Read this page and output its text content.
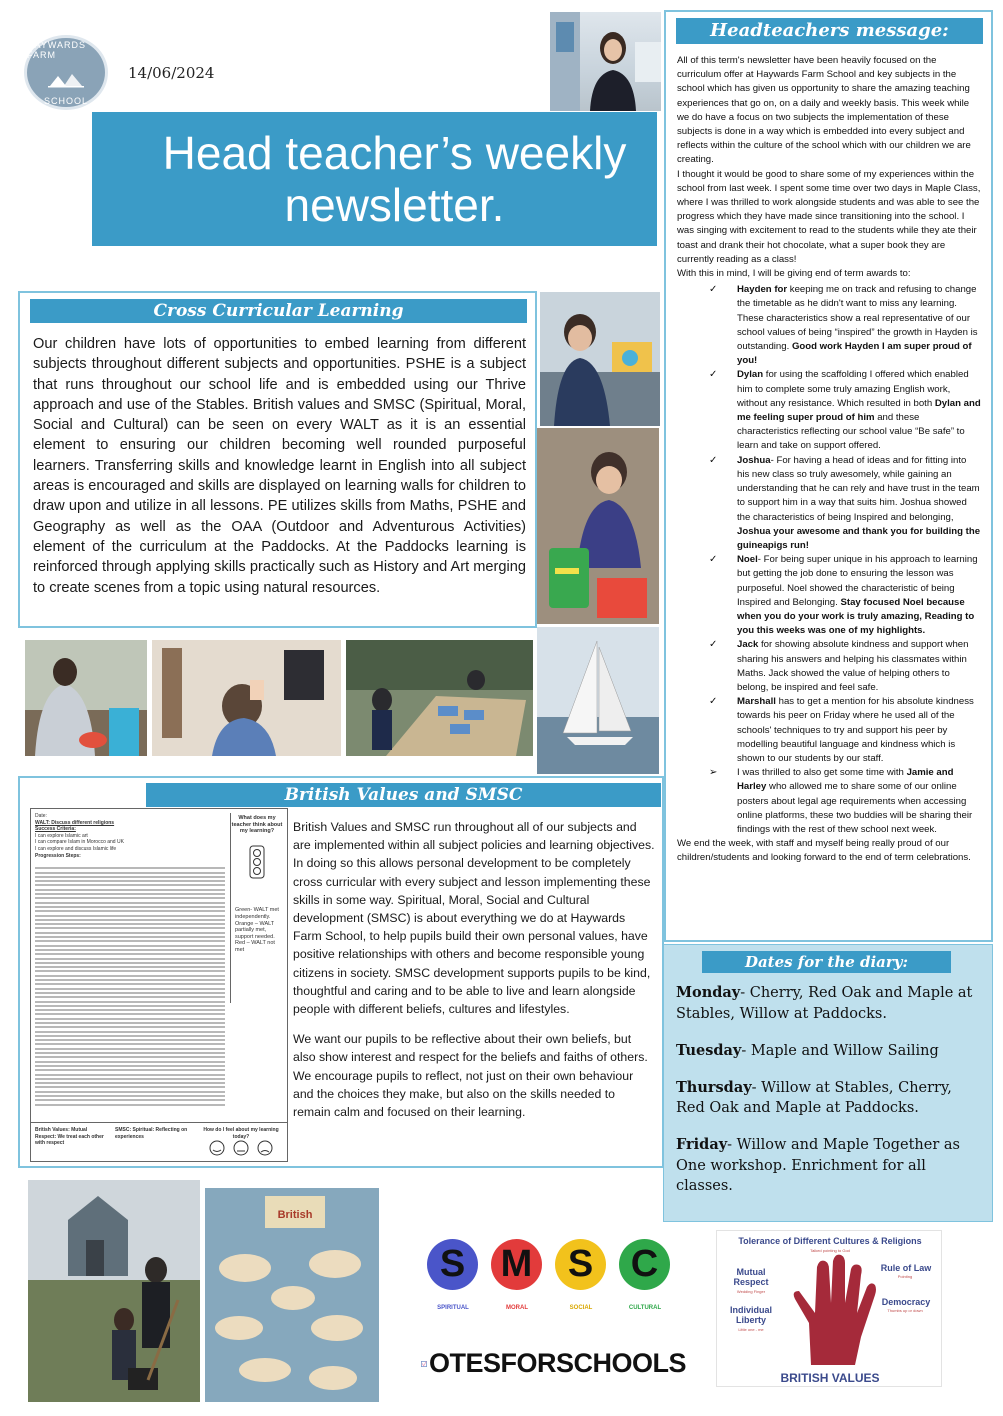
HAYWARDS FARM
SCHOOL
14/06/2024
Head teacher’s weekly newsletter.
Cross Curricular Learning
Our children have lots of opportunities to embed learning from different subjects throughout different subjects and opportunities. PSHE is a subject that runs throughout our school life and is embedded using our Thrive approach and use of the Stables. British values and SMSC (Spiritual, Moral, Social and Cultural) can be seen on every WALT as it is an essential element to ensuring our children becoming well rounded purposeful learners. Transferring skills and knowledge learnt in English into all subject areas is encouraged and skills are displayed on learning walls for children to draw upon and utilize in all lessons. PE utilizes skills from Maths, PSHE and Geography as well as the OAA (Outdoor and Adventurous Activities) element of the curriculum at the Paddocks. At the Paddocks learning is reinforced through applying skills practically such as History and Art merging to create scenes from a topic using natural resources.
British Values and SMSC
Date:
WALT: Discuss different religions
Success Criteria:
I can explore Islamic art
I can compare Islam in Morocco and UK
I can explore and discuss Islamic life
Progression Steps:
What does my teacher think about my learning?
Green- WALT met independently. Orange – WALT partially met, support needed. Red – WALT not met
British Values: Mutual Respect: We treat each other with respect
SMSC: Spiritual: Reflecting on experiences
How do I feel about my learning today?

British Values and SMSC run throughout all of our subjects and are implemented within all subject policies and learning objectives. In doing so this allows personal development to be completely cross curricular with every subject and lesson implementing these skills in some way. Spiritual, Moral, Social and Cultural development (SMSC) is about everything we do at Haywards Farm School, to help pupils build their own personal values, have positive relationships with others and become responsible young citizens in society. SMSC development supports pupils to be kind, thoughtful and caring and to be able to live and learn alongside people with different beliefs, cultures and lifestyles.

We want our pupils to be reflective about their own beliefs, but also show interest and respect for the beliefs and faiths of others. We encourage pupils to reflect, not just on their own behaviour and the choices they make, but also on the skills needed to remain calm and focused on their learning.

British
Headteachers message:

All of this term's newsletter have been heavily focused on the curriculum offer at Haywards Farm School and key subjects in the school which has given us opportunity to share the amazing teaching experiences that go on, on a daily and weekly basis. This week while we do have a focus on two subjects the implementation of these subjects is done in a way which is embedded into every subject and reflects within the culture of the school which with our children we are creating.

I thought it would be good to share some of my experiences within the school from last week. I spent some time over two days in Maple Class, where I was thrilled to work alongside students and was able to see the progress which they have made since transitioning into the school. I was singing with excitement to read to the students while they ate their toast and drank their hot chocolate, what a super book they are currently reading as a class!

With this in mind, I will be giving end of term awards to:

✓ Hayden for keeping me on track and refusing to change the timetable as he didn't want to miss any learning. These characteristics show a real representative of our school values of being “inspired” the growth in Hayden is outstanding. Good work Hayden I am super proud of you!
✓ Dylan for using the scaffolding I offered which enabled him to complete some truly amazing English work, without any resistance. Which resulted in both Dylan and me feeling super proud of him and these characteristics reflecting our school value “Be safe” to learn and take on support offered.
✓ Joshua- For having a head of ideas and for fitting into his new class so truly awesomely, while gaining an understanding that he can rely and have trust in the team to support him in a way that suits him. Joshua showed the characteristics of being Inspired and belonging, Joshua your awesome and thank you for building the guineapigs run!
✓ Noel- For being super unique in his approach to learning but getting the job done to ensuring the lesson was purposeful. Noel showed the characteristic of being Inspired and Belonging. Stay focused Noel because when you do your work is truly amazing, Reading to you this weeks was one of my highlights.
✓ Jack for showing absolute kindness and support when sharing his answers and helping his classmates within Maths. Jack showed the value of helping others to belong, be inspired and feel safe.
✓ Marshall has to get a mention for his absolute kindness towards his peer on Friday where he used all of the schools' techniques to try and support his peer by modelling beautiful language and kindness which is shown to our students by our staff.
➢ I was thrilled to also get some time with Jamie and Harley who allowed me to share some of our online posters about legal age requirements when accessing online platforms, these two buddies will be sharing their findings with the rest of thew school next week.

We end the week, with staff and myself being really proud of our children/students and looking forward to the end of term celebrations.

Dates for the diary:

Monday- Cherry, Red Oak and Maple at Stables, Willow at Paddocks.

Tuesday- Maple and Willow Sailing

Thursday- Willow at Stables, Cherry, Red Oak and Maple at Paddocks.

Friday- Willow and Maple Together as One workshop. Enrichment for all classes.

S M S C
SPIRITUAL	MORAL	SOCIAL	CULTURAL
OTESFORSCHOOLS
Tolerance of Different Cultures & Religions
Talked pointing to God
Mutual Respect
Wedding Finger
Rule of Law
Pointing
Individual Liberty
Little one - me
Democracy
Thumbs up or down
BRITISH VALUES
